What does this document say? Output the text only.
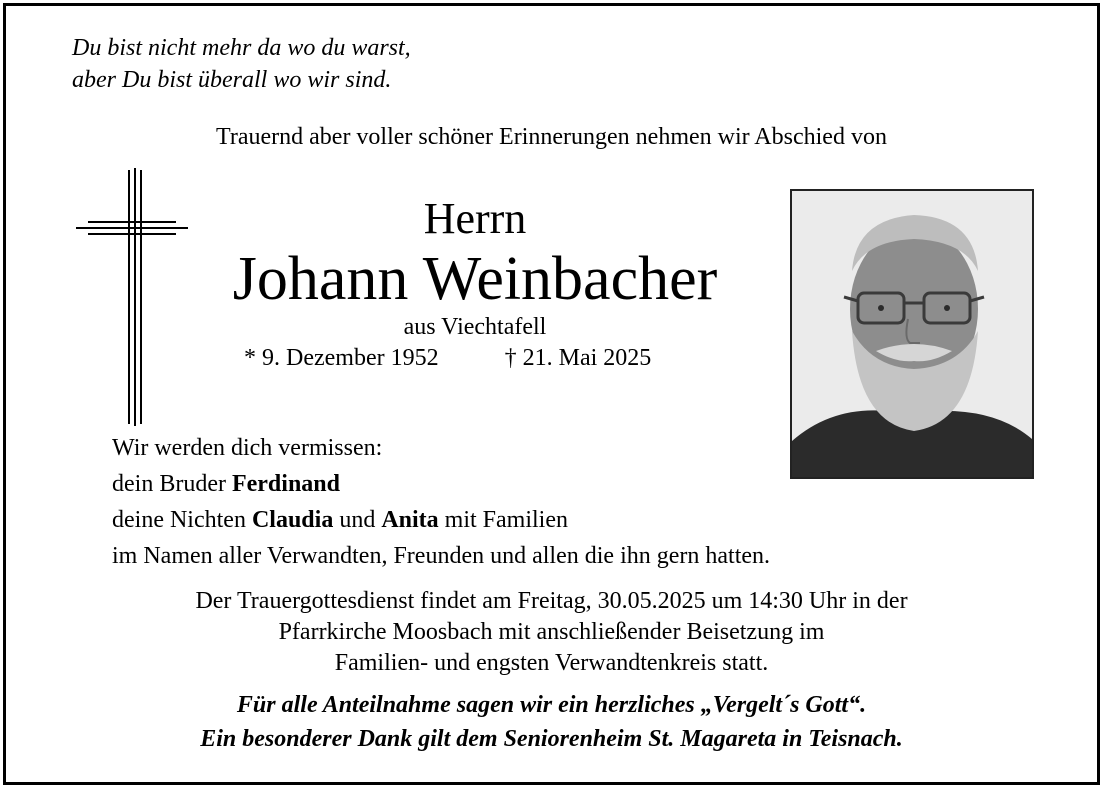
Du bist nicht mehr da wo du warst,
aber Du bist überall wo wir sind.
Trauernd aber voller schöner Erinnerungen nehmen wir Abschied von
Herrn
Johann Weinbacher
aus Viechtafell
* 9. Dezember 1952	† 21. Mai 2025
Wir werden dich vermissen:
dein Bruder Ferdinand
deine Nichten Claudia und Anita mit Familien
im Namen aller Verwandten, Freunden und allen die ihn gern hatten.
Der Trauergottesdienst findet am Freitag, 30.05.2025 um 14:30 Uhr in der
Pfarrkirche Moosbach mit anschließender Beisetzung im
Familien- und engsten Verwandtenkreis statt.
Für alle Anteilnahme sagen wir ein herzliches „Vergelt´s Gott“.
Ein besonderer Dank gilt dem Seniorenheim St. Magareta in Teisnach.
